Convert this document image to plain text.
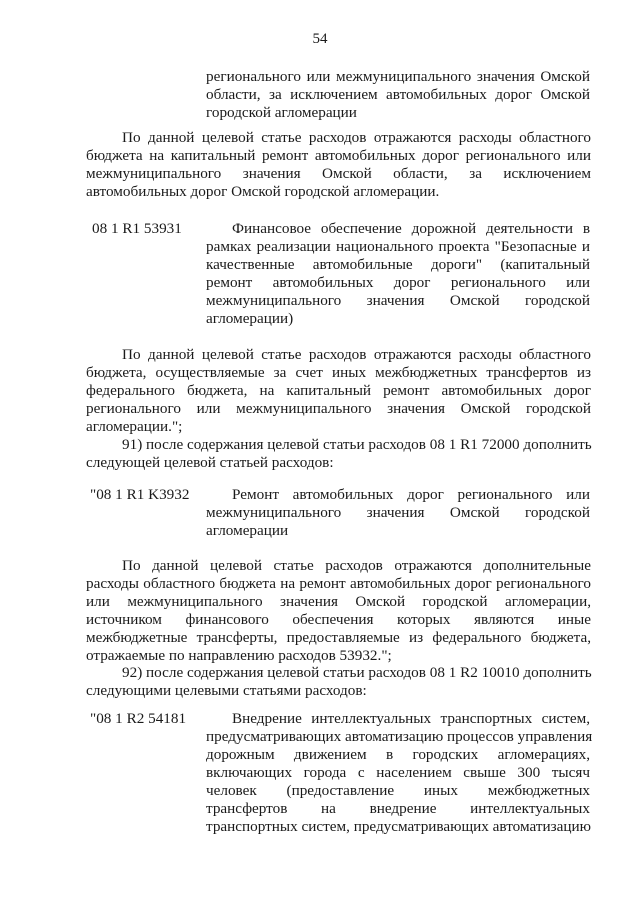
54
регионального или межмуниципального значения Омской
области, за исключением автомобильных дорог Омской
городской агломерации
По данной целевой статье расходов отражаются расходы областного
бюджета на капитальный ремонт автомобильных дорог регионального или
межмуниципального значения Омской области, за исключением
автомобильных дорог Омской городской агломерации.
08 1 R1 53931	Финансовое обеспечение дорожной деятельности в
рамках реализации национального проекта "Безопасные и
качественные автомобильные дороги" (капитальный
ремонт автомобильных дорог регионального или
межмуниципального значения Омской городской
агломерации)
По данной целевой статье расходов отражаются расходы областного
бюджета, осуществляемые за счет иных межбюджетных трансфертов из
федерального бюджета, на капитальный ремонт автомобильных дорог
регионального или межмуниципального значения Омской городской
агломерации.";
91) после содержания целевой статьи расходов 08 1 R1 72000 дополнить
следующей целевой статьей расходов:
"08 1 R1 K3932	Ремонт автомобильных дорог регионального или
межмуниципального значения Омской городской
агломерации
По данной целевой статье расходов отражаются дополнительные
расходы областного бюджета на ремонт автомобильных дорог регионального
или межмуниципального значения Омской городской агломерации,
источником финансового обеспечения которых являются иные
межбюджетные трансферты, предоставляемые из федерального бюджета,
отражаемые по направлению расходов 53932.";
92) после содержания целевой статьи расходов 08 1 R2 10010 дополнить
следующими целевыми статьями расходов:
"08 1 R2 54181	Внедрение интеллектуальных транспортных систем,
предусматривающих автоматизацию процессов управления
дорожным движением в городских агломерациях,
включающих города с населением свыше 300 тысяч
человек (предоставление иных межбюджетных
трансфертов на внедрение интеллектуальных
транспортных систем, предусматривающих автоматизацию
